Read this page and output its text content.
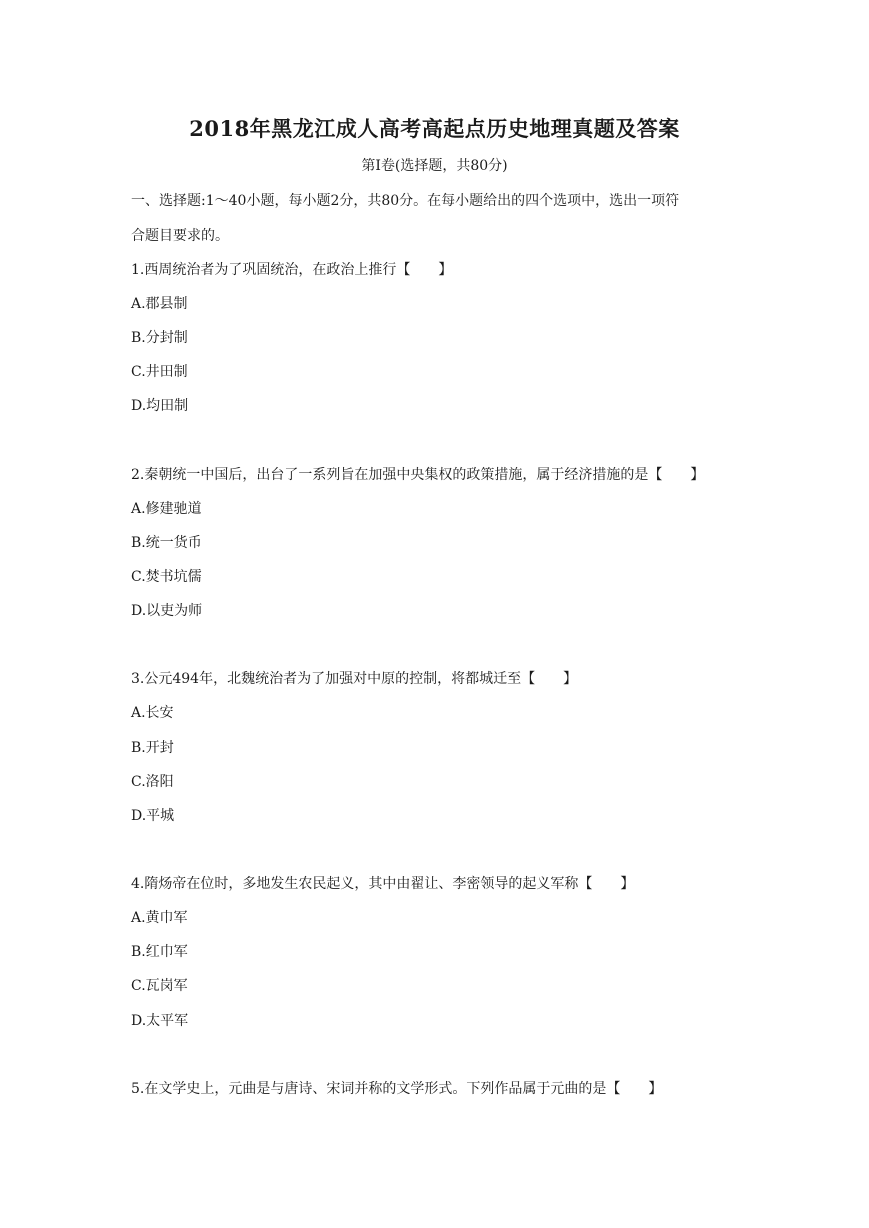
2018年黑龙江成人高考高起点历史地理真题及答案
第Ⅰ卷(选择题，共80分)
一、选择题:1～40小题，每小题2分，共80分。在每小题给出的四个选项中，选出一项符
合题目要求的。
1.西周统治者为了巩固统治，在政治上推行【　　】
A.郡县制
B.分封制
C.井田制
D.均田制
2.秦朝统一中国后，出台了一系列旨在加强中央集权的政策措施，属于经济措施的是【　　】
A.修建驰道
B.统一货币
C.焚书坑儒
D.以吏为师
3.公元494年，北魏统治者为了加强对中原的控制，将都城迁至【　　】
A.长安
B.开封
C.洛阳
D.平城
4.隋炀帝在位时，多地发生农民起义，其中由翟让、李密领导的起义军称【　　】
A.黄巾军
B.红巾军
C.瓦岗军
D.太平军
5.在文学史上，元曲是与唐诗、宋词并称的文学形式。下列作品属于元曲的是【　　】
